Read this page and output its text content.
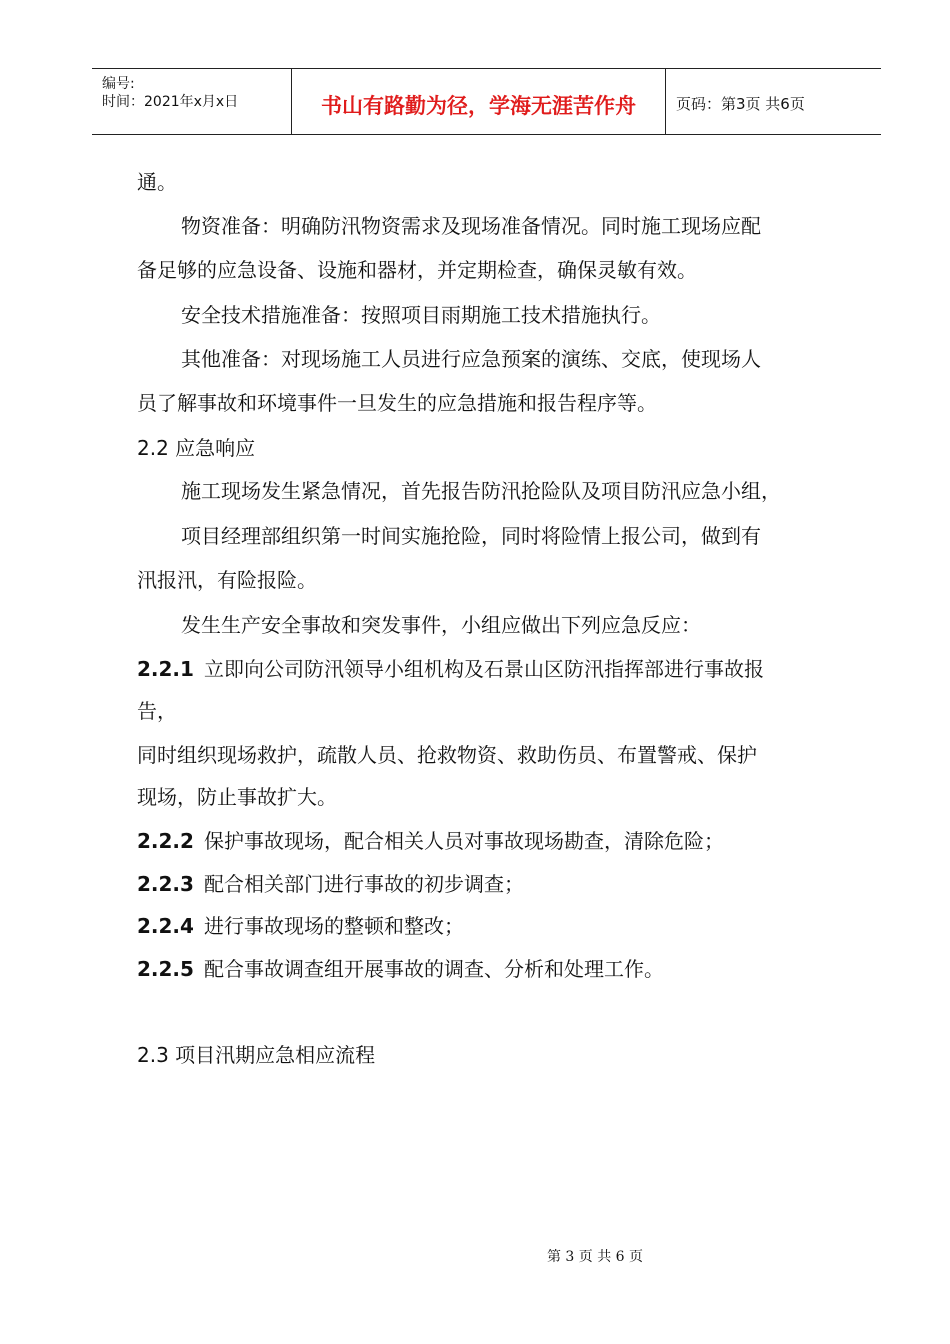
编号:
时间：2021年x月x日	书山有路勤为径，学海无涯苦作舟	页码：第3页 共6页
通。
物资准备：明确防汛物资需求及现场准备情况。同时施工现场应配
备足够的应急设备、设施和器材，并定期检查，确保灵敏有效。
安全技术措施准备：按照项目雨期施工技术措施执行。
其他准备：对现场施工人员进行应急预案的演练、交底，使现场人
员了解事故和环境事件一旦发生的应急措施和报告程序等。
2.2 应急响应
施工现场发生紧急情况，首先报告防汛抢险队及项目防汛应急小组，
项目经理部组织第一时间实施抢险，同时将险情上报公司，做到有
汛报汛，有险报险。
发生生产安全事故和突发事件，小组应做出下列应急反应：
2.2.1 立即向公司防汛领导小组机构及石景山区防汛指挥部进行事故报
告，
同时组织现场救护，疏散人员、抢救物资、救助伤员、布置警戒、保护
现场，防止事故扩大。
2.2.2 保护事故现场，配合相关人员对事故现场勘查，清除危险；
2.2.3 配合相关部门进行事故的初步调查；
2.2.4 进行事故现场的整顿和整改；
2.2.5 配合事故调查组开展事故的调查、分析和处理工作。
2.3 项目汛期应急相应流程
第 3 页 共 6 页
